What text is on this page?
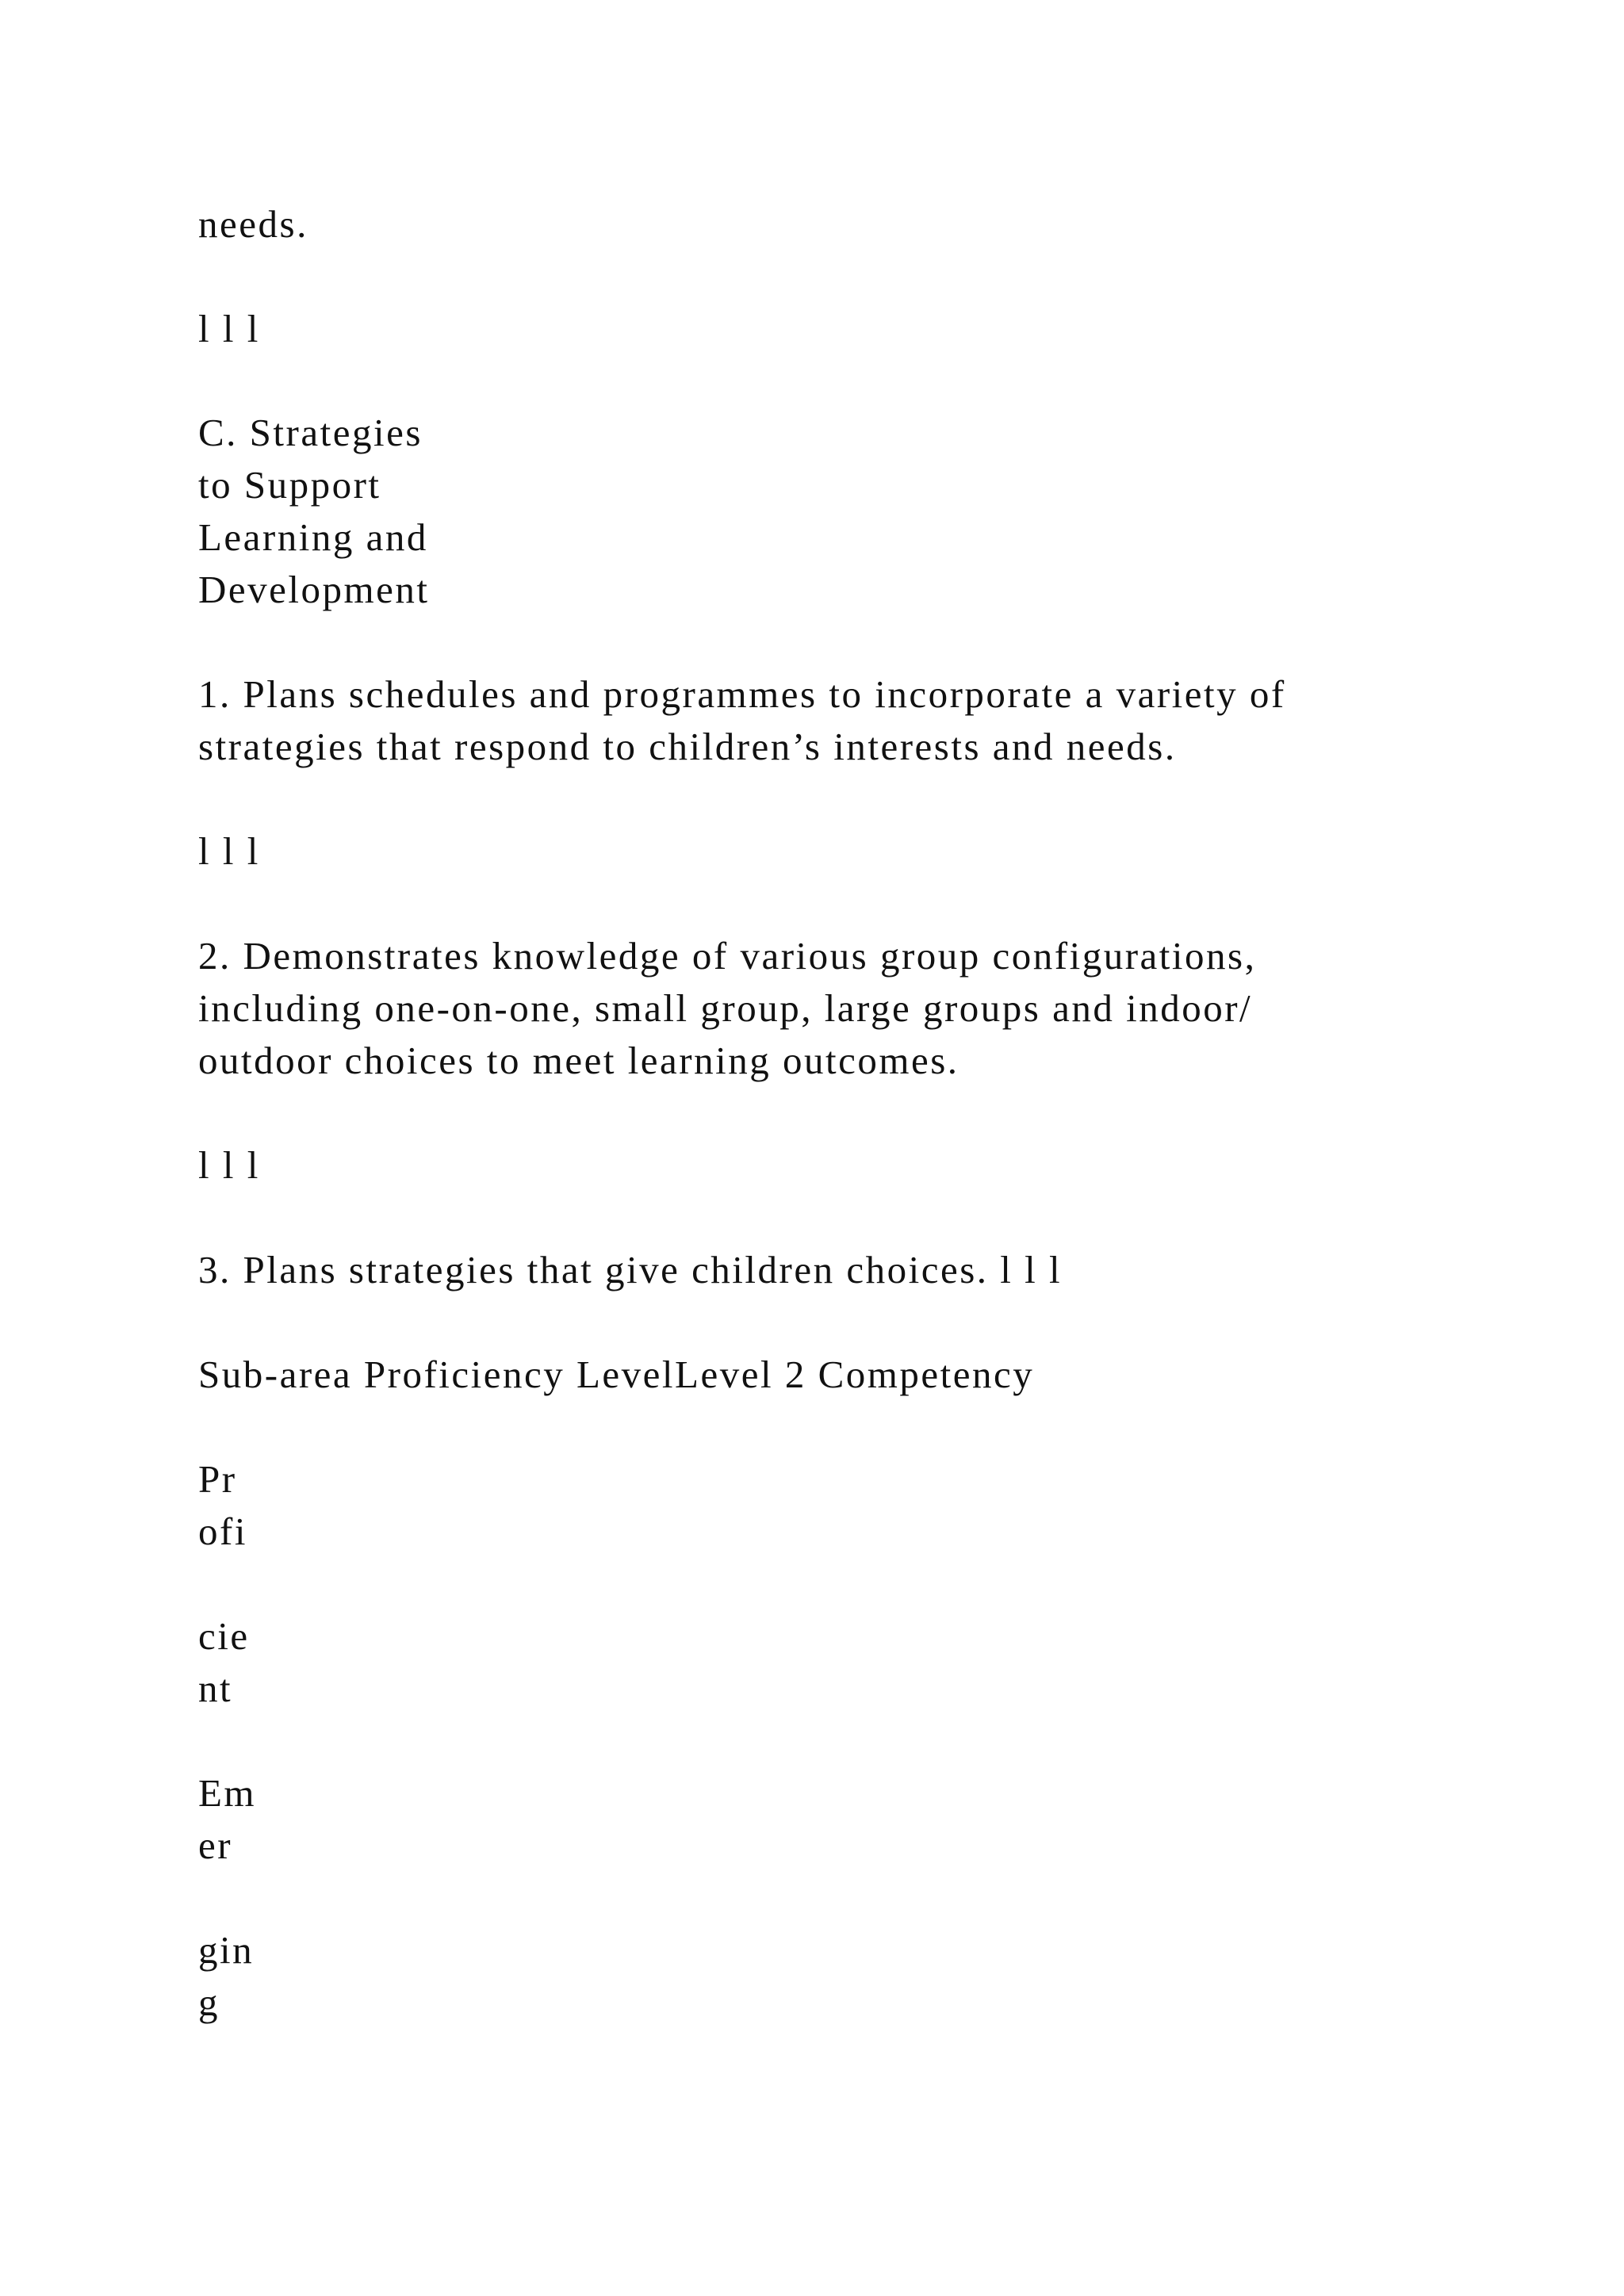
needs.
l l l
C. Strategies
to Support
Learning and
Development
1. Plans schedules and programmes to incorporate a variety of
strategies that respond to children’s interests and needs.
l l l
2. Demonstrates knowledge of various group configurations,
including one-on-one, small group, large groups and indoor/
outdoor choices to meet learning outcomes.
l l l
3. Plans strategies that give children choices. l l l
Sub-area Proficiency LevelLevel 2 Competency
Pr
ofi
cie
nt
Em
er
gin
g
